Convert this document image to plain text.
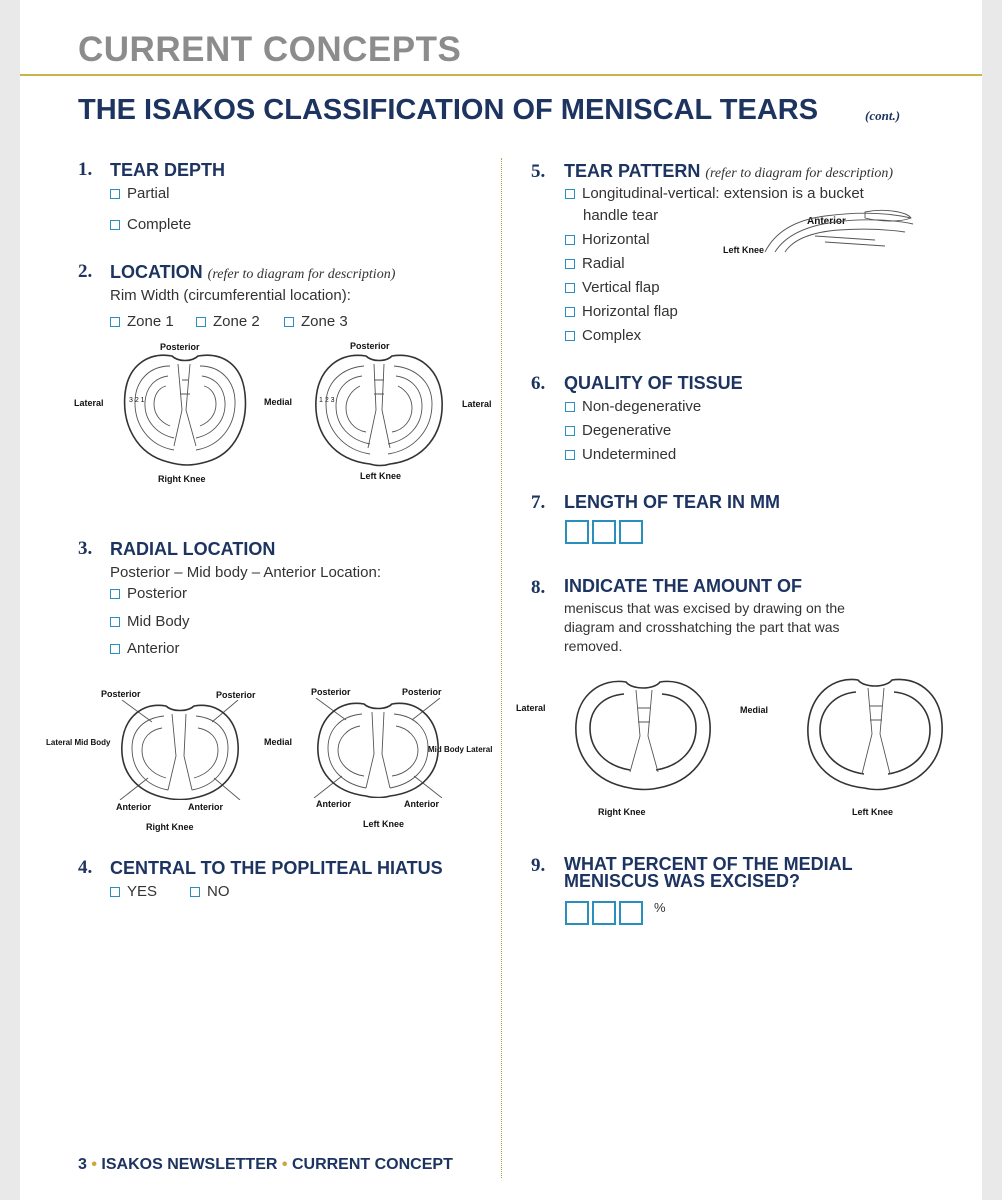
CURRENT CONCEPTS
THE ISAKOS CLASSIFICATION OF MENISCAL TEARS	(cont.)
1. TEAR DEPTH
Partial
Complete
2. LOCATION (refer to diagram for description)
Rim Width (circumferential location):
Zone 1	Zone 2	Zone 3
Posterior	Posterior
Lateral	Medial	Lateral
Right Knee	Left Knee
3 2 1	1 2 3
3. RADIAL LOCATION
Posterior – Mid body – Anterior Location:
Posterior
Mid Body
Anterior
Posterior	Posterior	Posterior	Posterior
Lateral Mid Body	Medial
Mid Body Lateral
Anterior	Anterior	Anterior	Anterior
Right Knee	Left Knee
4. CENTRAL TO THE POPLITEAL HIATUS
YES	NO
5. TEAR PATTERN (refer to diagram for description)
Longitudinal-vertical: extension is a bucket
handle tear
Horizontal
Radial
Vertical flap
Horizontal flap
Complex
Anterior
Left Knee
6. QUALITY OF TISSUE
Non-degenerative
Degenerative
Undetermined
7. LENGTH OF TEAR IN MM
8. INDICATE THE AMOUNT OF
meniscus that was excised by drawing on the
diagram and crosshatching the part that was
removed.
Lateral	Medial
Right Knee	Left Knee
9. WHAT PERCENT OF THE MEDIAL
MENISCUS WAS EXCISED?
%
3 • ISAKOS NEWSLETTER • CURRENT CONCEPT
